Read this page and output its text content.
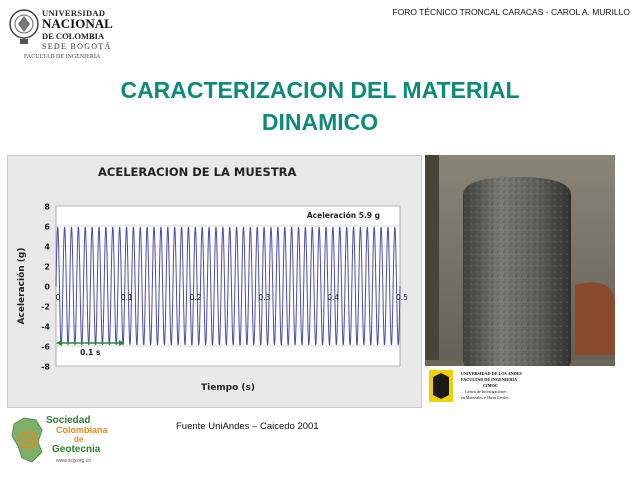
FORO TÉCNICO TRONCAL CARACAS - CAROL A. MURILLO
UNIVERSIDAD
NACIONAL
DE COLOMBIA
SEDE BOGOTÁ
FACULTAD DE INGENIERÍA
CARACTERIZACION DEL MATERIAL
DINAMICO
ACELERACION DE LA MUESTRA
8
6
4
2
0
-2
-4
-6
-8
0	0.1	0.2	0.3	0.4	0.5
Aceleración 5.9 g
0.1 s
Tiempo (s)
Aceleración (g)
UNIVERSIDAD DE LOS ANDES
FACULTAD DE INGENIERÍA
CIMOC
Centro de Investigaciones
en Materiales y Obras Civiles
70
Sociedad
Colombiana
de
Geotecnia
www.scg.org.co
Fuente UniAndes – Caicedo 2001
